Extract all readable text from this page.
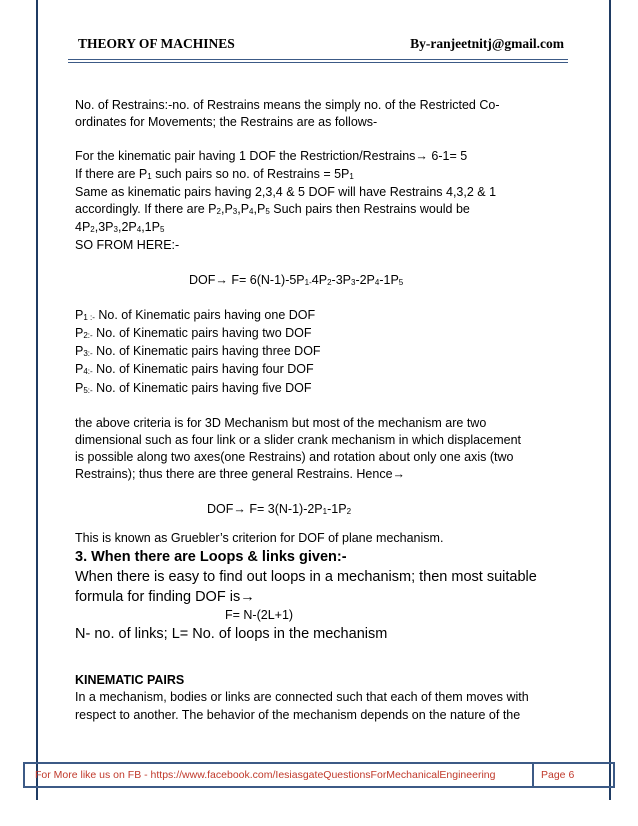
THEORY OF MACHINES	By-ranjeetnitj@gmail.com

No. of Restrains:-no. of Restrains means the simply no. of the Restricted Co-

ordinates for Movements; the Restrains are as follows-

For the kinematic pair having 1 DOF the Restriction/Restrains→ 6-1= 5

If there are $P_1$ such pairs so no. of Restrains = $5P_1$

Same as kinematic pairs having 2,3,4 & 5 DOF will have Restrains 4,3,2 & 1

accordingly. If there are $P_2,P_3,P_4,P_5$ Such pairs then Restrains would be

$4P_2,3P_3,2P_4,1P_5$

SO FROM HERE:-

$DOF\to F= 6(N-1)-5P_{1-}4P_2-3P_3-2P_4-1P_5$

$P_{1 :-}$ No. of Kinematic pairs having one DOF

$P_{2:-}$ No. of Kinematic pairs having two DOF

$P_{3:-}$ No. of Kinematic pairs having three DOF

$P_{4:-}$ No. of Kinematic pairs having four DOF

$P_{5:-}$ No. of Kinematic pairs having five DOF

the above criteria is for 3D Mechanism but most of the mechanism are two

dimensional such as four link or a slider crank mechanism in which displacement

is possible along two axes(one Restrains) and rotation about only one axis (two

Restrains); thus there are three general Restrains. Hence→

$DOF\to F= 3(N-1)-2P_1-1P_2$

This is known as Gruebler’s criterion for DOF of plane mechanism.

3. When there are Loops & links given:-

When there is easy to find out loops in a mechanism; then most suitable

formula for finding DOF is→

F= N-(2L+1)

N- no. of links; L= No. of loops in the mechanism

KINEMATIC PAIRS

In a mechanism, bodies or links are connected such that each of them moves with

respect to another. The behavior of the mechanism depends on the nature of the

For More like us on FB - https://www.facebook.com/IesiasgateQuestionsForMechanicalEngineering	Page 6
